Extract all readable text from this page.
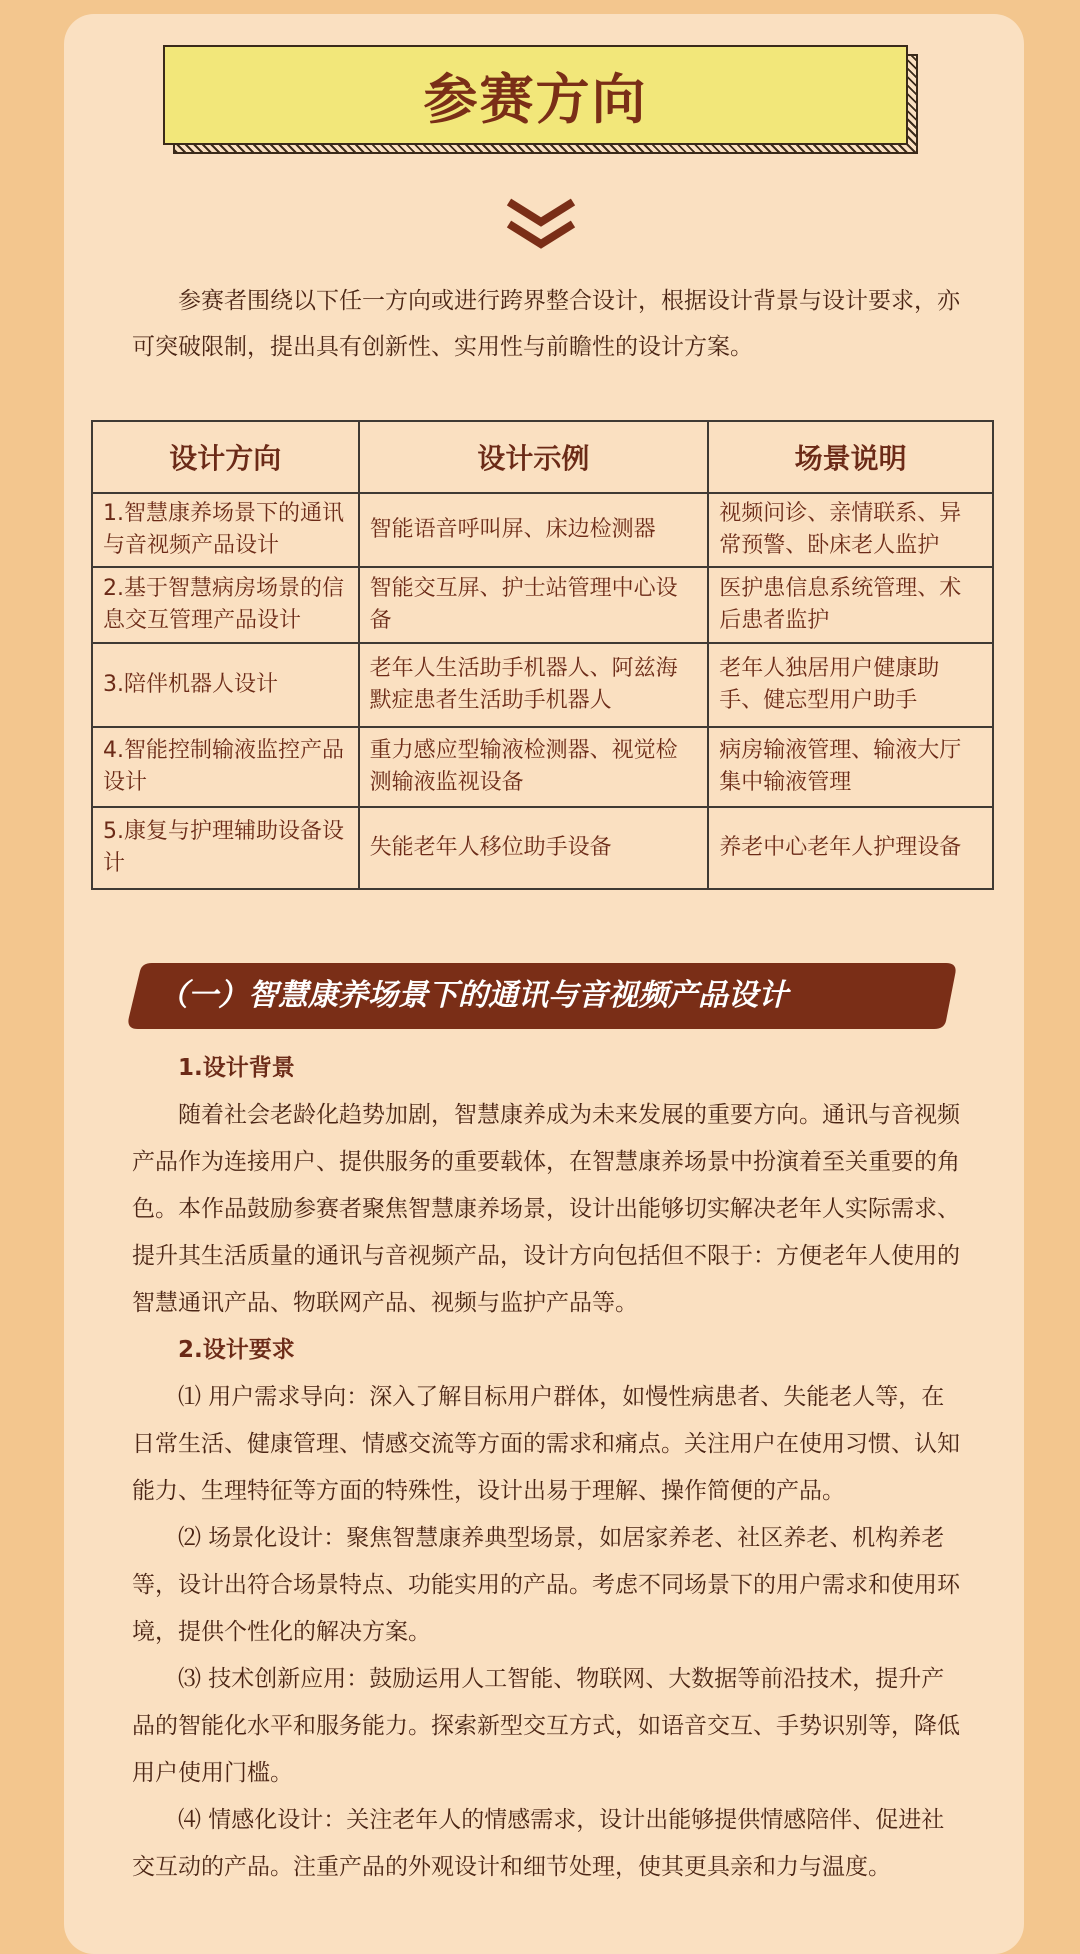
参赛方向
参赛者围绕以下任一方向或进行跨界整合设计，根据设计背景与设计要求，亦可突破限制，提出具有创新性、实用性与前瞻性的设计方案。
设计方向	设计示例	场景说明
1.智慧康养场景下的通讯与音视频产品设计	智能语音呼叫屏、床边检测器	视频问诊、亲情联系、异常预警、卧床老人监护
2.基于智慧病房场景的信息交互管理产品设计	智能交互屏、护士站管理中心设备	医护患信息系统管理、术后患者监护
3.陪伴机器人设计	老年人生活助手机器人、阿兹海默症患者生活助手机器人	老年人独居用户健康助手、健忘型用户助手
4.智能控制输液监控产品设计	重力感应型输液检测器、视觉检测输液监视设备	病房输液管理、输液大厅集中输液管理
5.康复与护理辅助设备设计	失能老年人移位助手设备	养老中心老年人护理设备
（一）智慧康养场景下的通讯与音视频产品设计
1.设计背景

随着社会老龄化趋势加剧，智慧康养成为未来发展的重要方向。通讯与音视频产品作为连接用户、提供服务的重要载体，在智慧康养场景中扮演着至关重要的角色。本作品鼓励参赛者聚焦智慧康养场景，设计出能够切实解决老年人实际需求、提升其生活质量的通讯与音视频产品，设计方向包括但不限于：方便老年人使用的智慧通讯产品、物联网产品、视频与监护产品等。

2.设计要求

⑴ 用户需求导向：深入了解目标用户群体，如慢性病患者、失能老人等，在日常生活、健康管理、情感交流等方面的需求和痛点。关注用户在使用习惯、认知能力、生理特征等方面的特殊性，设计出易于理解、操作简便的产品。

⑵ 场景化设计：聚焦智慧康养典型场景，如居家养老、社区养老、机构养老等，设计出符合场景特点、功能实用的产品。考虑不同场景下的用户需求和使用环境，提供个性化的解决方案。

⑶ 技术创新应用：鼓励运用人工智能、物联网、大数据等前沿技术，提升产品的智能化水平和服务能力。探索新型交互方式，如语音交互、手势识别等，降低用户使用门槛。

⑷ 情感化设计：关注老年人的情感需求，设计出能够提供情感陪伴、促进社交互动的产品。注重产品的外观设计和细节处理，使其更具亲和力与温度。
